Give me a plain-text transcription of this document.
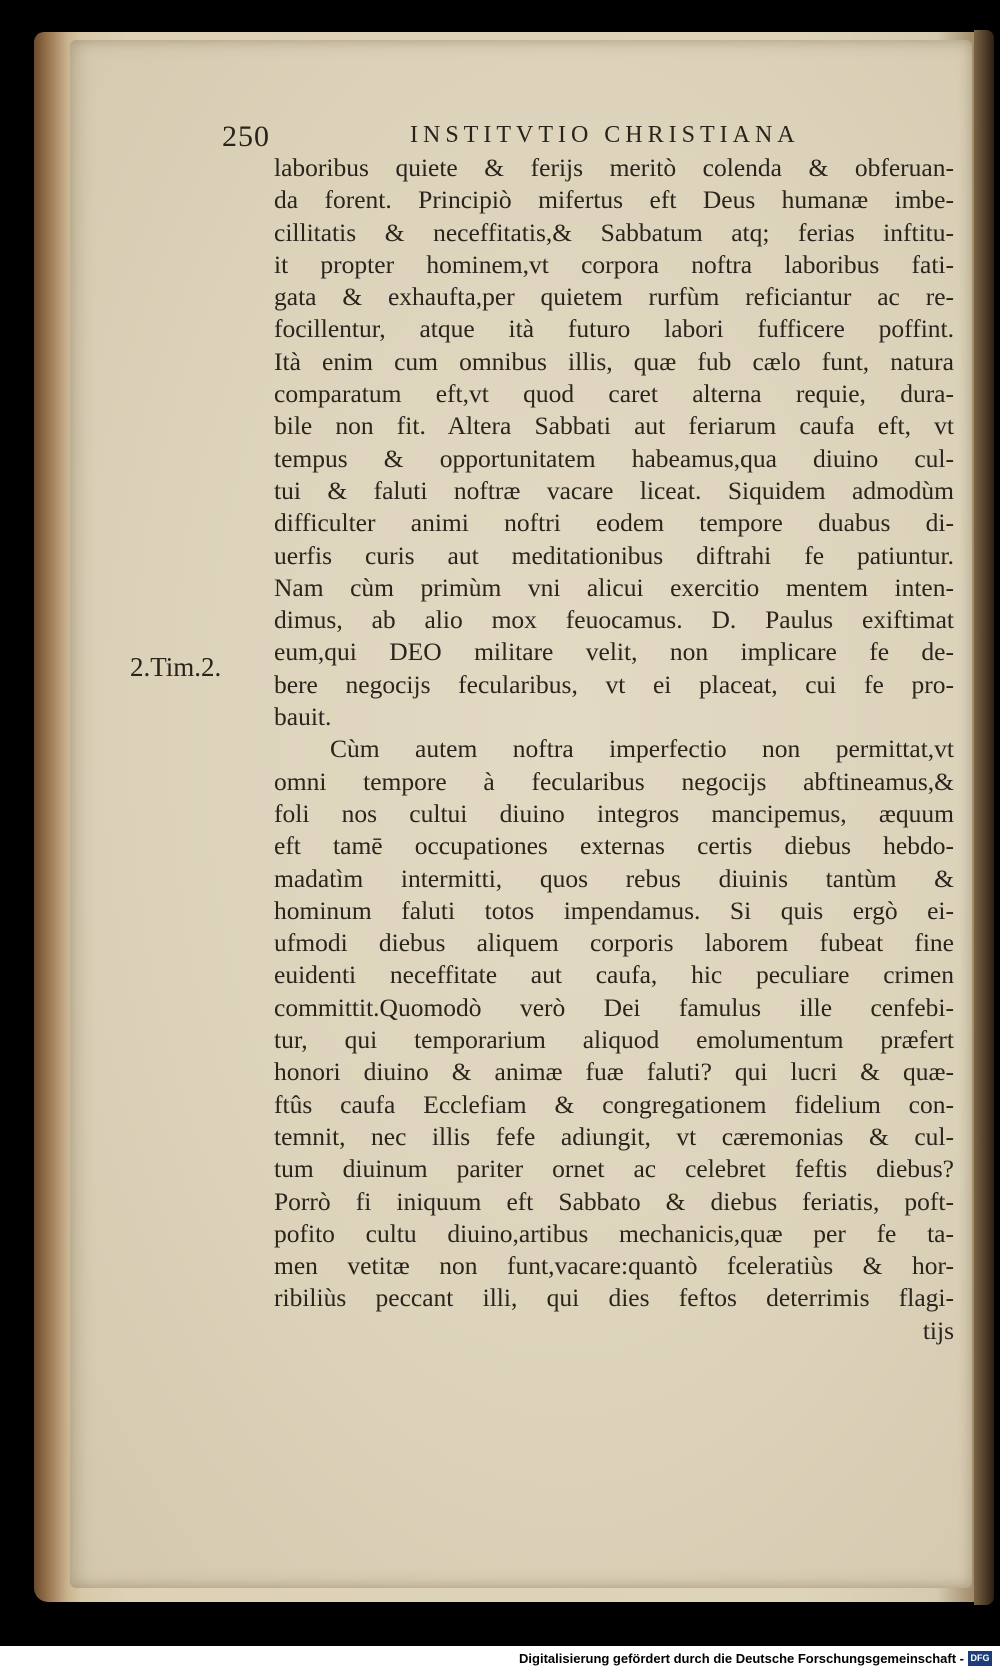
250	INSTITVTIO CHRISTIANA
2.Tim.2.
laboribus quiete & ferijs meritò colenda & obferuan-
da forent. Principiò mifertus eft Deus humanæ imbe-
cillitatis & neceffitatis,& Sabbatum atq; ferias inftitu-
it propter hominem,vt corpora noftra laboribus fati-
gata & exhaufta,per quietem rurfùm reficiantur ac re-
focillentur, atque ità futuro labori fufficere poffint.
Ità enim cum omnibus illis, quæ fub cælo funt, natura
comparatum eft,vt quod caret alterna requie, dura-
bile non fit. Altera Sabbati aut feriarum caufa eft, vt
tempus & opportunitatem habeamus,qua diuino cul-
tui & faluti noftræ vacare liceat. Siquidem admodùm
difficulter animi noftri eodem tempore duabus di-
uerfis curis aut meditationibus diftrahi fe patiuntur.
Nam cùm primùm vni alicui exercitio mentem inten-
dimus, ab alio mox feuocamus. D. Paulus exiftimat
eum,qui DEO militare velit, non implicare fe de-
bere negocijs fecularibus, vt ei placeat, cui fe pro-
bauit.
Cùm autem noftra imperfectio non permittat,vt
omni tempore à fecularibus negocijs abftineamus,&
foli nos cultui diuino integros mancipemus, æquum
eft tamē occupationes externas certis diebus hebdo-
madatìm intermitti, quos rebus diuinis tantùm &
hominum faluti totos impendamus. Si quis ergò ei-
ufmodi diebus aliquem corporis laborem fubeat fine
euidenti neceffitate aut caufa, hic peculiare crimen
committit.Quomodò verò Dei famulus ille cenfebi-
tur, qui temporarium aliquod emolumentum præfert
honori diuino & animæ fuæ faluti? qui lucri & quæ-
ftûs caufa Ecclefiam & congregationem fidelium con-
temnit, nec illis fefe adiungit, vt cæremonias & cul-
tum diuinum pariter ornet ac celebret feftis diebus?
Porrò fi iniquum eft Sabbato & diebus feriatis, poft-
pofito cultu diuino,artibus mechanicis,quæ per fe ta-
men vetitæ non funt,vacare:quantò fceleratiùs & hor-
ribiliùs peccant illi, qui dies feftos deterrimis flagi-
tijs
Digitalisierung gefördert durch die Deutsche Forschungsgemeinschaft - DFG
